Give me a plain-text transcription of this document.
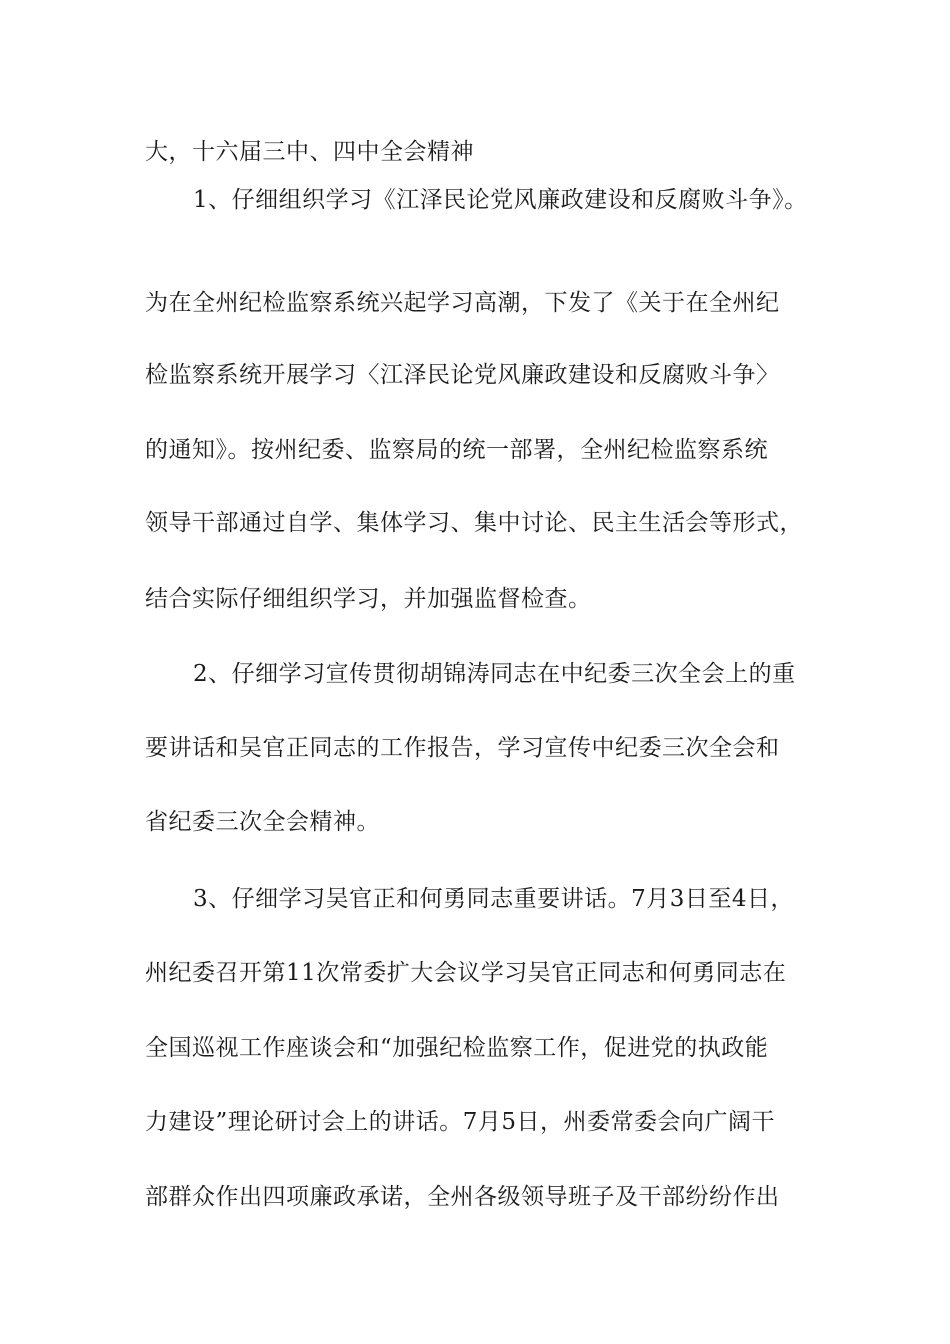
大，十六届三中、四中全会精神
1、仔细组织学习《江泽民论党风廉政建设和反腐败斗争》。
为在全州纪检监察系统兴起学习高潮，下发了《关于在全州纪
检监察系统开展学习〈江泽民论党风廉政建设和反腐败斗争〉
的通知》。按州纪委、监察局的统一部署，全州纪检监察系统
领导干部通过自学、集体学习、集中讨论、民主生活会等形式，
结合实际仔细组织学习，并加强监督检查。
2、仔细学习宣传贯彻胡锦涛同志在中纪委三次全会上的重
要讲话和吴官正同志的工作报告，学习宣传中纪委三次全会和
省纪委三次全会精神。
3、仔细学习吴官正和何勇同志重要讲话。7月3日至4日，
州纪委召开第11次常委扩大会议学习吴官正同志和何勇同志在
全国巡视工作座谈会和“加强纪检监察工作，促进党的执政能
力建设”理论研讨会上的讲话。7月5日，州委常委会向广阔干
部群众作出四项廉政承诺，全州各级领导班子及干部纷纷作出
